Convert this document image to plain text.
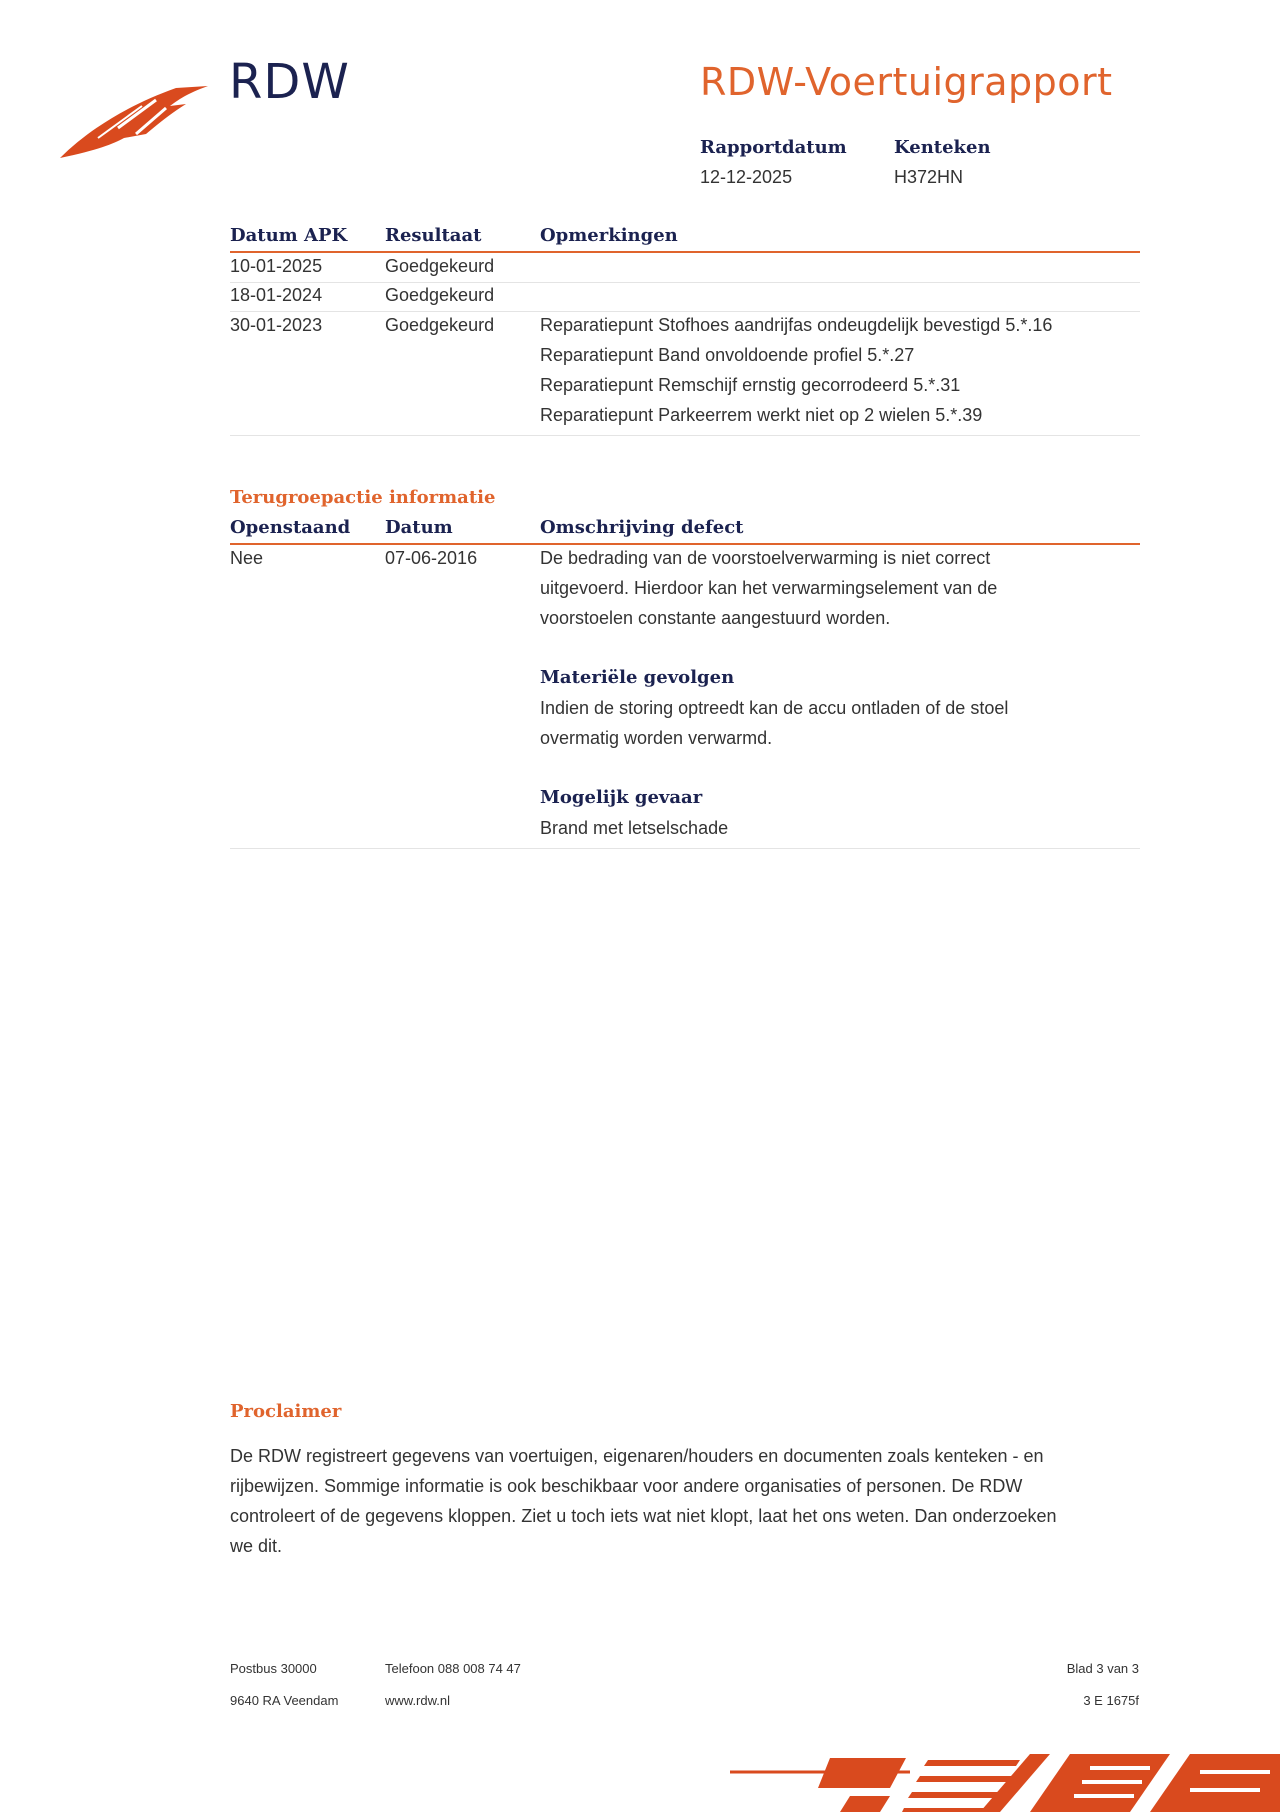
RDW	RDW-Voertuigrapport
Rapportdatum
12-12-2025
Kenteken
H372HN
Datum APK Resultaat	Opmerkingen
10-01-2025	Goedgekeurd
18-01-2024	Goedgekeurd
30-01-2023	Goedgekeurd	Reparatiepunt Stofhoes aandrijfas ondeugdelijk bevestigd 5.*.16
Reparatiepunt Band onvoldoende profiel 5.*.27
Reparatiepunt Remschijf ernstig gecorrodeerd 5.*.31
Reparatiepunt Parkeerrem werkt niet op 2 wielen 5.*.39
Terugroepactie informatie
Openstaand Datum	Omschrijving defect
Nee	07-06-2016	De bedrading van de voorstoelverwarming is niet correct
uitgevoerd. Hierdoor kan het verwarmingselement van de
voorstoelen constante aangestuurd worden.
Materiële gevolgen
Indien de storing optreedt kan de accu ontladen of de stoel
overmatig worden verwarmd.
Mogelijk gevaar
Brand met letselschade
Proclaimer
De RDW registreert gegevens van voertuigen, eigenaren/houders en documenten zoals kenteken - en
rijbewijzen. Sommige informatie is ook beschikbaar voor andere organisaties of personen. De RDW
controleert of de gegevens kloppen. Ziet u toch iets wat niet klopt, laat het ons weten. Dan onderzoeken
we dit.
Postbus 30000
9640 RA Veendam
Telefoon 088 008 74 47
www.rdw.nl
Blad 3 van 3
3 E 1675f
